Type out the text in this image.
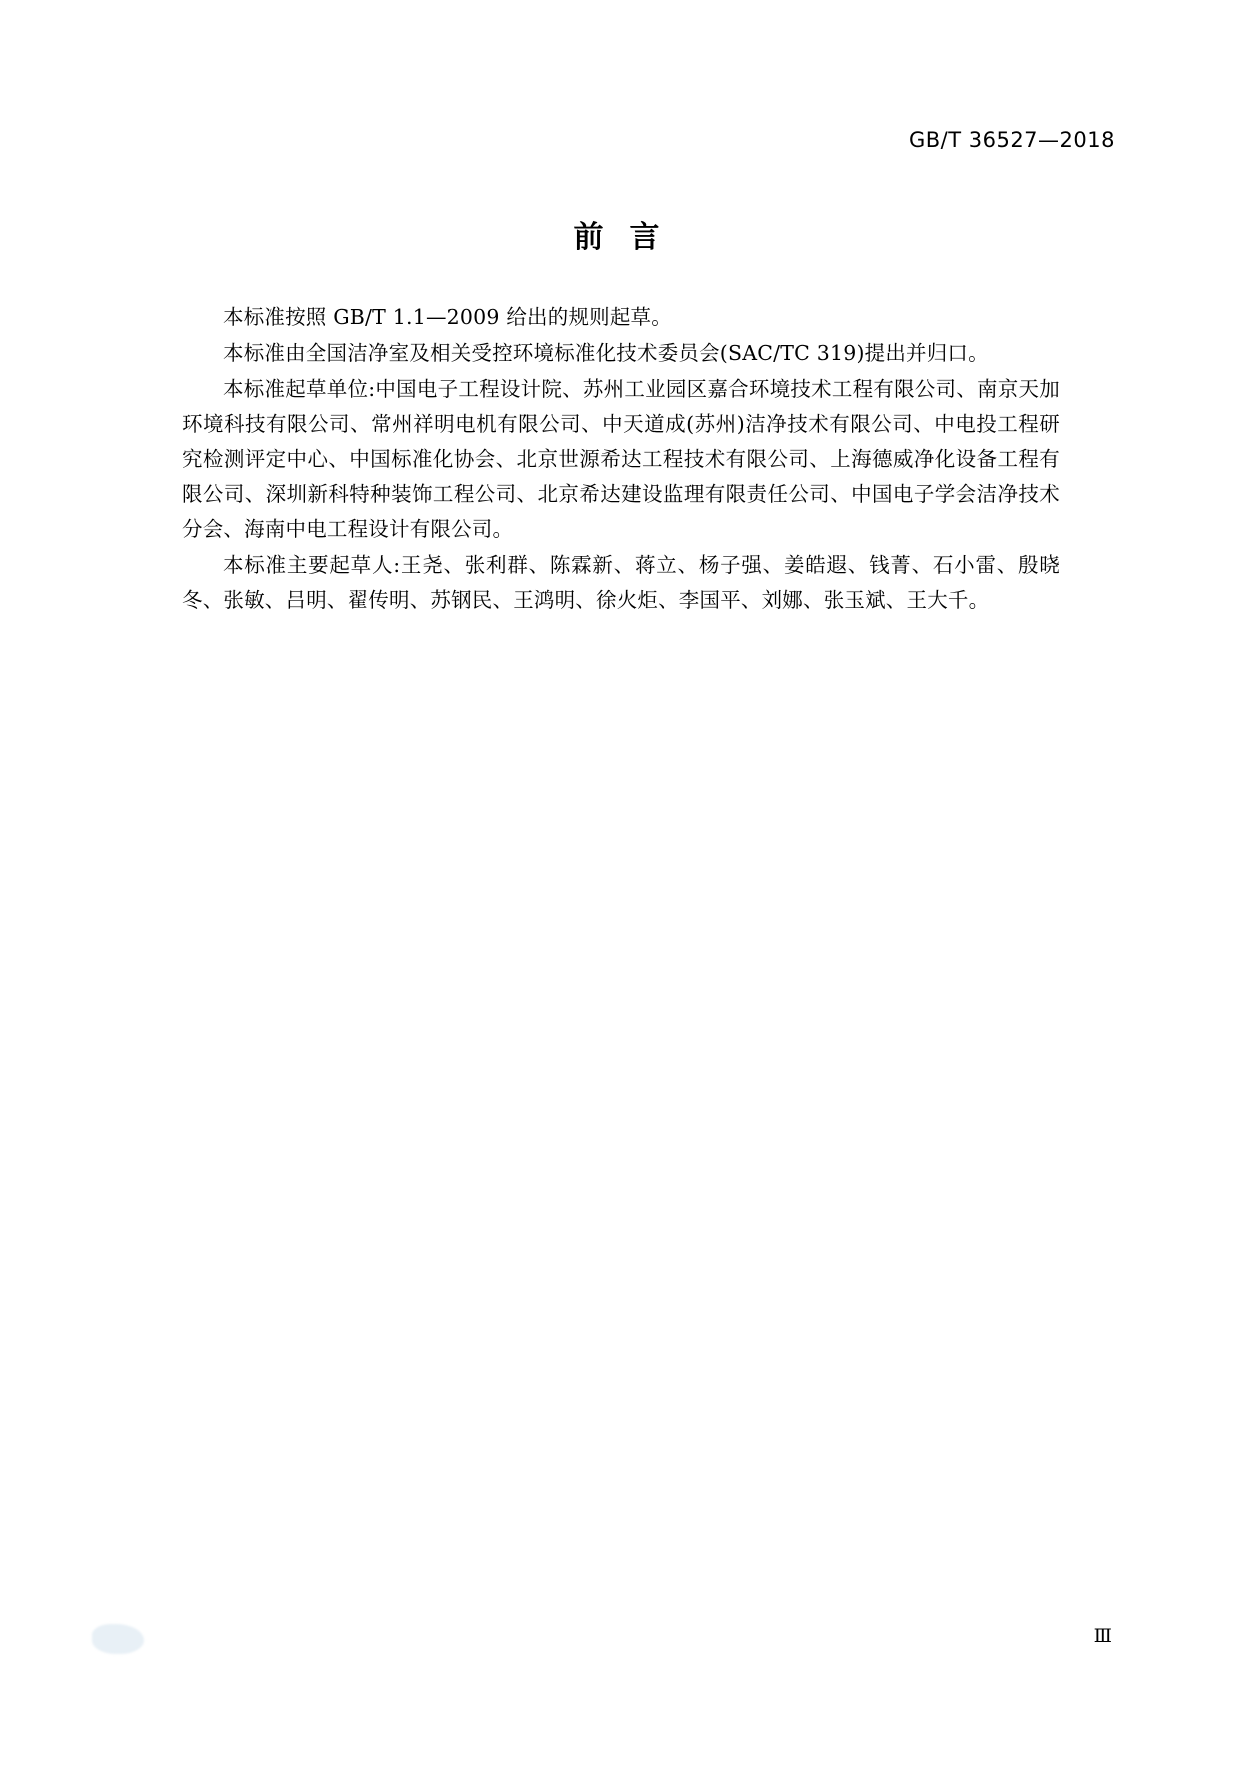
GB/T 36527—2018
前言

本标准按照 GB/T 1.1—2009 给出的规则起草。

本标准由全国洁净室及相关受控环境标准化技术委员会(SAC/TC 319)提出并归口。

本标准起草单位:中国电子工程设计院、苏州工业园区嘉合环境技术工程有限公司、南京天加环境科技有限公司、常州祥明电机有限公司、中天道成(苏州)洁净技术有限公司、中电投工程研究检测评定中心、中国标准化协会、北京世源希达工程技术有限公司、上海德威净化设备工程有限公司、深圳新科特种装饰工程公司、北京希达建设监理有限责任公司、中国电子学会洁净技术分会、海南中电工程设计有限公司。

本标准主要起草人:王尧、张利群、陈霖新、蒋立、杨子强、姜皓遐、钱菁、石小雷、殷晓冬、张敏、吕明、翟传明、苏钢民、王鸿明、徐火炬、李国平、刘娜、张玉斌、王大千。

Ⅲ
